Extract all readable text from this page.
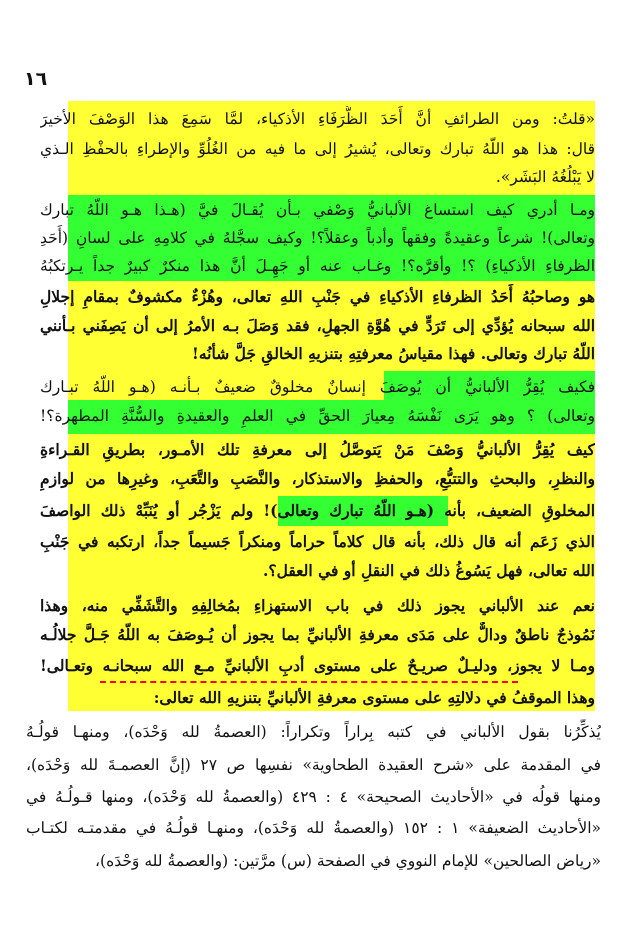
١٦
«قلتُ: ومن الطرائفِ أنَّ أَحَدَ الظُّرَفَاءِ الأذكياء، لمَّا سَمِعَ هذا الوَصْفَ الأخيرَ
قال: هذا هو اللّهُ تبارك وتعالى، يُشيرُ إلى ما فيه من الغُلُوِّ والإطراءِ بالحفْظِ الـذي
لا يَبْلُغُهُ البَشَر».
ومـا أدري كيف استساغ الألبانيُّ وَصْفي بـأن يُقـالَ فيَّ (هـذا هـو اللّهُ تبارك
وتعالى)! شرعاً وعقيدةً وفقهاً وأدباً وعقلاً؟! وكيف سجَّلهُ في كلامِهِ على لسانِ (أَحَدِ
الظرفاءِ الأذكياءِ) ؟! وأقرَّه؟! وغـاب عنه أو جَهِـلَ أنَّ هذا منكرٌ كبيرٌ جداً يـرتكبُهُ
هو وصاحبُهُ أَحَدُ الظرفاءِ الأذكياءِ في جَنْبِ اللهِ تعالى، وهُزْءٌ مكشوفٌ بمقامِ إجلالِ
الله سبحانه يُؤدِّي إلى تَرَدٍّ في هُوَّةِ الجهلِ، فقد وَصَلَ بـه الأمرُ إلى أن يَصِفَني بـأنني
اللّهُ تبارك وتعالى. فهذا مقياسُ معرفتِهِ بتنزيهِ الخالقِ جَلَّ شأنُه!
فكيف يُقِرُّ الألبانيُّ أن يُوصَفَ إنسانٌ مخلوقٌ ضعيفٌ بـأنـه (هـو اللّهُ تبـارك
وتعالى) ؟ وهو يَرَى نَفْسَهُ مِعيارَ الحقِّ في العلمِ والعقيدةِ والسُّنَّةِ المطهرة؟!
كيف يُقِرُّ الألبانيُّ وَصْفَ مَنْ يَتوصَّلُ إلى معرفةِ تلك الأمـور، بطريقِ القـراءةِ
والنظرِ، والبحثِ والتتبُّعِ، والحفظِ والاستذكار، والنَّصَبِ والتَّعَبِ، وغيرِها من لوازمِ
المخلوقِ الضعيف، بأنه (هـو اللّهُ تبارك وتعالى)! ولم يَزْجُر أو يُنَبِّهْ ذلك الواصفَ
الذي زَعَم أنه قال ذلك، بأنه قال كلاماً حراماً ومنكراً جَسيماً جداً، ارتكبه في جَنْبِ
الله تعالى، فهل يَسُوغُ ذلك في النقلِ أو في العقل؟.
نعم عند الألباني يجوز ذلك في باب الاستهزاءِ بمُخالِفِهِ والتَّشَفِّي منه، وهذا
نَمُوذجٌ ناطقٌ ودالٌّ على مَدَى معرفةِ الألبانيِّ بما يجوز أن يُـوصَفَ به اللّهُ جَـلَّ جلالُـه
ومـا لا يجوز، ودليـلٌ صريـحٌ على مستوى أدبِ الألبانيِّ مـع الله سبحانـه وتعـالى!
وهذا الموقفُ في دلالتِهِ على مستوى معرفةِ الألبانيِّ بتنزيهِ الله تعالى:
يُذكِّرُنا بقول الألباني في كتبه بِراراً وتكراراً: (العصمةُ لله وَحْدَه)، ومنهـا قولُـهُ
في المقدمة على «شرح العقيدة الطحاوية» نفسِها ص ٢٧ (إنَّ العصمـةَ لله وَحْدَه)،
ومنها قولُه في «الأحاديث الصحيحة» ٤ : ٤٢٩ (والعصمةُ لله وَحْدَه)، ومنها قـولُـهُ في
«الأحاديث الضعيفة» ١ : ١٥٢ (والعصمةُ لله وَحْدَه)، ومنهـا قولُـهُ في مقدمتـه لكتـاب
«رياض الصالحين» للإمام النووي في الصفحة (س) مرَّتين: (والعصمةُ لله وَحْدَه)،
